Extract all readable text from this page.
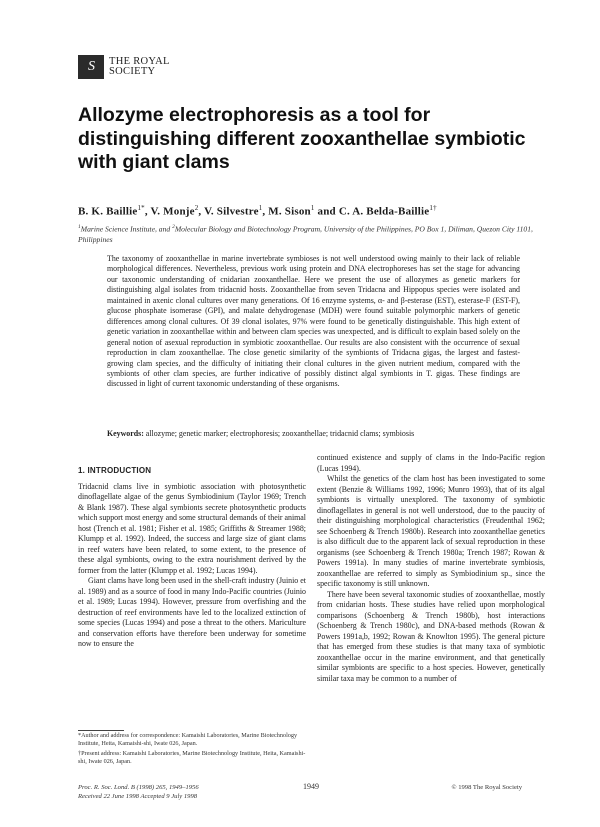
S	THE ROYAL
SOCIETY
Allozyme electrophoresis as a tool for distinguishing different zooxanthellae symbiotic with giant clams
B. K. Baillie$^{1*}$, V. Monje$^2$, V. Silvestre$^1$, M. Sison$^1$ and C. A. Belda-Baillie$^{1\dagger}$
$^1$Marine Science Institute, and $^2$Molecular Biology and Biotechnology Program, University of the Philippines, PO Box 1, Diliman, Quezon City 1101, Philippines

The taxonomy of zooxanthellae in marine invertebrate symbioses is not well understood owing mainly to their lack of reliable morphological differences. Nevertheless, previous work using protein and DNA electrophoreses has set the stage for advancing our taxonomic understanding of cnidarian zooxanthellae. Here we present the use of allozymes as genetic markers for distinguishing algal isolates from tridacnid hosts. Zooxanthellae from seven Tridacna and Hippopus species were isolated and maintained in axenic clonal cultures over many generations. Of 16 enzyme systems, α- and β-esterase (EST), esterase-F (EST-F), glucose phosphate isomerase (GPI), and malate dehydrogenase (MDH) were found suitable polymorphic markers of genetic differences among clonal cultures. Of 39 clonal isolates, 97% were found to be genetically distinguishable. This high extent of genetic variation in zooxanthellae within and between clam species was unexpected, and is difficult to explain based solely on the general notion of asexual reproduction in symbiotic zooxanthellae. Our results are also consistent with the occurrence of sexual reproduction in clam zooxanthellae. The close genetic similarity of the symbionts of Tridacna gigas, the largest and fastest-growing clam species, and the difficulty of initiating their clonal cultures in the given nutrient medium, compared with the symbionts of other clam species, are further indicative of possibly distinct algal symbionts in T. gigas. These findings are discussed in light of current taxonomic understanding of these organisms.

Keywords: allozyme; genetic marker; electrophoresis; zooxanthellae; tridacnid clams; symbiosis
1. INTRODUCTION

Tridacnid clams live in symbiotic association with photosynthetic dinoflagellate algae of the genus Symbiodinium (Taylor 1969; Trench & Blank 1987). These algal symbionts secrete photosynthetic products which support most energy and some structural demands of their animal host (Trench et al. 1981; Fisher et al. 1985; Griffiths & Streamer 1988; Klumpp et al. 1992). Indeed, the success and large size of giant clams in reef waters have been related, to some extent, to the presence of these algal symbionts, owing to the extra nourishment derived by the former from the latter (Klumpp et al. 1992; Lucas 1994).

Giant clams have long been used in the shell-craft industry (Juinio et al. 1989) and as a source of food in many Indo-Pacific countries (Juinio et al. 1989; Lucas 1994). However, pressure from overfishing and the destruction of reef environments have led to the localized extinction of some species (Lucas 1994) and pose a threat to the others. Mariculture and conservation efforts have therefore been underway for sometime now to ensure the

continued existence and supply of clams in the Indo-Pacific region (Lucas 1994).

Whilst the genetics of the clam host has been investigated to some extent (Benzie & Williams 1992, 1996; Munro 1993), that of its algal symbionts is virtually unexplored. The taxonomy of symbiotic dinoflagellates in general is not well understood, due to the paucity of their distinguishing morphological characteristics (Freudenthal 1962; see Schoenberg & Trench 1980b). Research into zooxanthellae genetics is also difficult due to the apparent lack of sexual reproduction in these organisms (see Schoenberg & Trench 1980a; Trench 1987; Rowan & Powers 1991a). In many studies of marine invertebrate symbiosis, zooxanthellae are referred to simply as Symbiodinium sp., since the specific taxonomy is still unknown.

There have been several taxonomic studies of zooxanthellae, mostly from cnidarian hosts. These studies have relied upon morphological comparisons (Schoenberg & Trench 1980b), host interactions (Schoenberg & Trench 1980c), and DNA-based methods (Rowan & Powers 1991a,b, 1992; Rowan & Knowlton 1995). The general picture that has emerged from these studies is that many taxa of symbiotic zooxanthellae occur in the marine environment, and that genetically similar symbionts are specific to a host species. However, genetically similar taxa may be common to a number of

*Author and address for correspondence: Kamaishi Laboratories, Marine Biotechnology Institute, Heita, Kamaishi-shi, Iwate 026, Japan.

†Present address: Kamaishi Laboratories, Marine Biotechnology Institute, Heita, Kamaishi-shi, Iwate 026, Japan.

Proc. R. Soc. Lond. B (1998) 265, 1949–1956
Received 22 June 1998 Accepted 9 July 1998
1949	© 1998 The Royal Society
